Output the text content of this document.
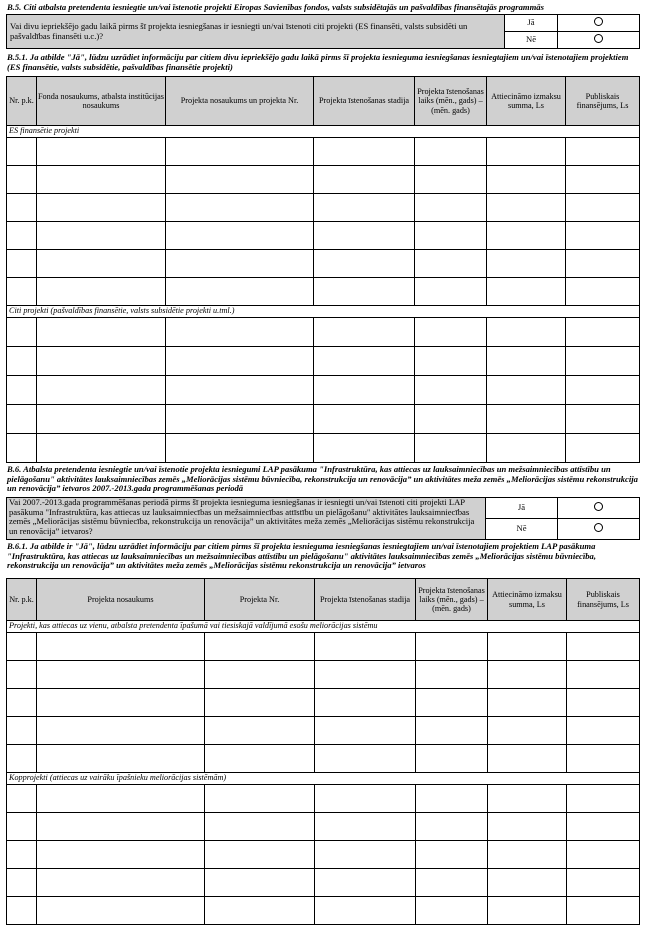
B.5. Citi atbalsta pretendenta iesniegtie un/vai īstenotie projekti Eiropas Savienības fondos, valsts subsidētajās un pašvaldības finansētajās programmās
Vai divu iepriekšējo gadu laikā pirms šī projekta iesniegšanas ir iesniegti un/vai īstenoti citi projekti (ES finansēti, valsts subsidēti un pašvaldības finansēti u.c.)?	Jā	
	Nē	
B.5.1. Ja atbilde "Jā", lūdzu uzrādiet informāciju par citiem divu iepriekšējo gadu laikā pirms šī projekta iesnieguma iesniegšanas iesniegtajiem un/vai īstenotajiem projektiem (ES finansētie, valsts subsidētie, pašvaldības finansētie projekti)
Nr. p.k.	Fonda nosaukums, atbalsta institūcijas nosaukums	Projekta nosaukums un projekta Nr.	Projekta īstenošanas stadija	Projekta īstenošanas laiks (mēn., gads) – (mēn. gads)	Attiecināmo izmaksu summa, Ls	Publiskais finansējums, Ls
ES finansētie projekti						

Citi projekti (pašvaldības finansētie, valsts subsidētie projekti u.tml.)						

B.6. Atbalsta pretendenta iesniegtie un/vai īstenotie projekta iesniegumi LAP pasākuma "Infrastruktūra, kas attiecas uz lauksaimniecības un mežsaimniecības attīstību un pielāgošanu" aktivitātes lauksaimniecības zemēs „Meliorācijas sistēmu būvniecība, rekonstrukcija un renovācija” un aktivitātes meža zemēs „Meliorācijas sistēmu rekonstrukcija un renovācija” ietvaros 2007.-2013.gada programmēšanas periodā
Vai 2007.-2013.gada programmēšanas periodā pirms šī projekta iesnieguma iesniegšanas ir iesniegti un/vai īstenoti citi projekti LAP pasākuma "Infrastruktūra, kas attiecas uz lauksaimniecības un mežsaimniecības attīstību un pielāgošanu" aktivitātes lauksaimniecības zemēs „Meliorācijas sistēmu būvniecība, rekonstrukcija un renovācija” un aktivitātes meža zemēs „Meliorācijas sistēmu rekonstrukcija un renovācija” ietvaros?	Jā	
	Nē	
B.6.1. Ja atbilde ir "Jā", lūdzu uzrādiet informāciju par citiem pirms šī projekta iesnieguma iesniegšanas iesniegtajiem un/vai īstenotajiem projektiem LAP pasākuma "Infrastruktūra, kas attiecas uz lauksaimniecības un mežsaimniecības attīstību un pielāgošanu" aktivitātes lauksaimniecības zemēs „Meliorācijas sistēmu būvniecība, rekonstrukcija un renovācija” un aktivitātes meža zemēs „Meliorācijas sistēmu rekonstrukcija un renovācija” ietvaros
Nr. p.k.	Projekta nosaukums	Projekta Nr.	Projekta īstenošanas stadija	Projekta īstenošanas laiks (mēn., gads) – (mēn. gads)	Attiecināmo izmaksu summa, Ls	Publiskais finansējums, Ls
Projekti, kas attiecas uz vienu, atbalsta pretendenta īpašumā vai tiesiskajā valdījumā esošu meliorācijas sistēmu						

Kopprojekti (attiecas uz vairāku īpašnieku meliorācijas sistēmām)						
